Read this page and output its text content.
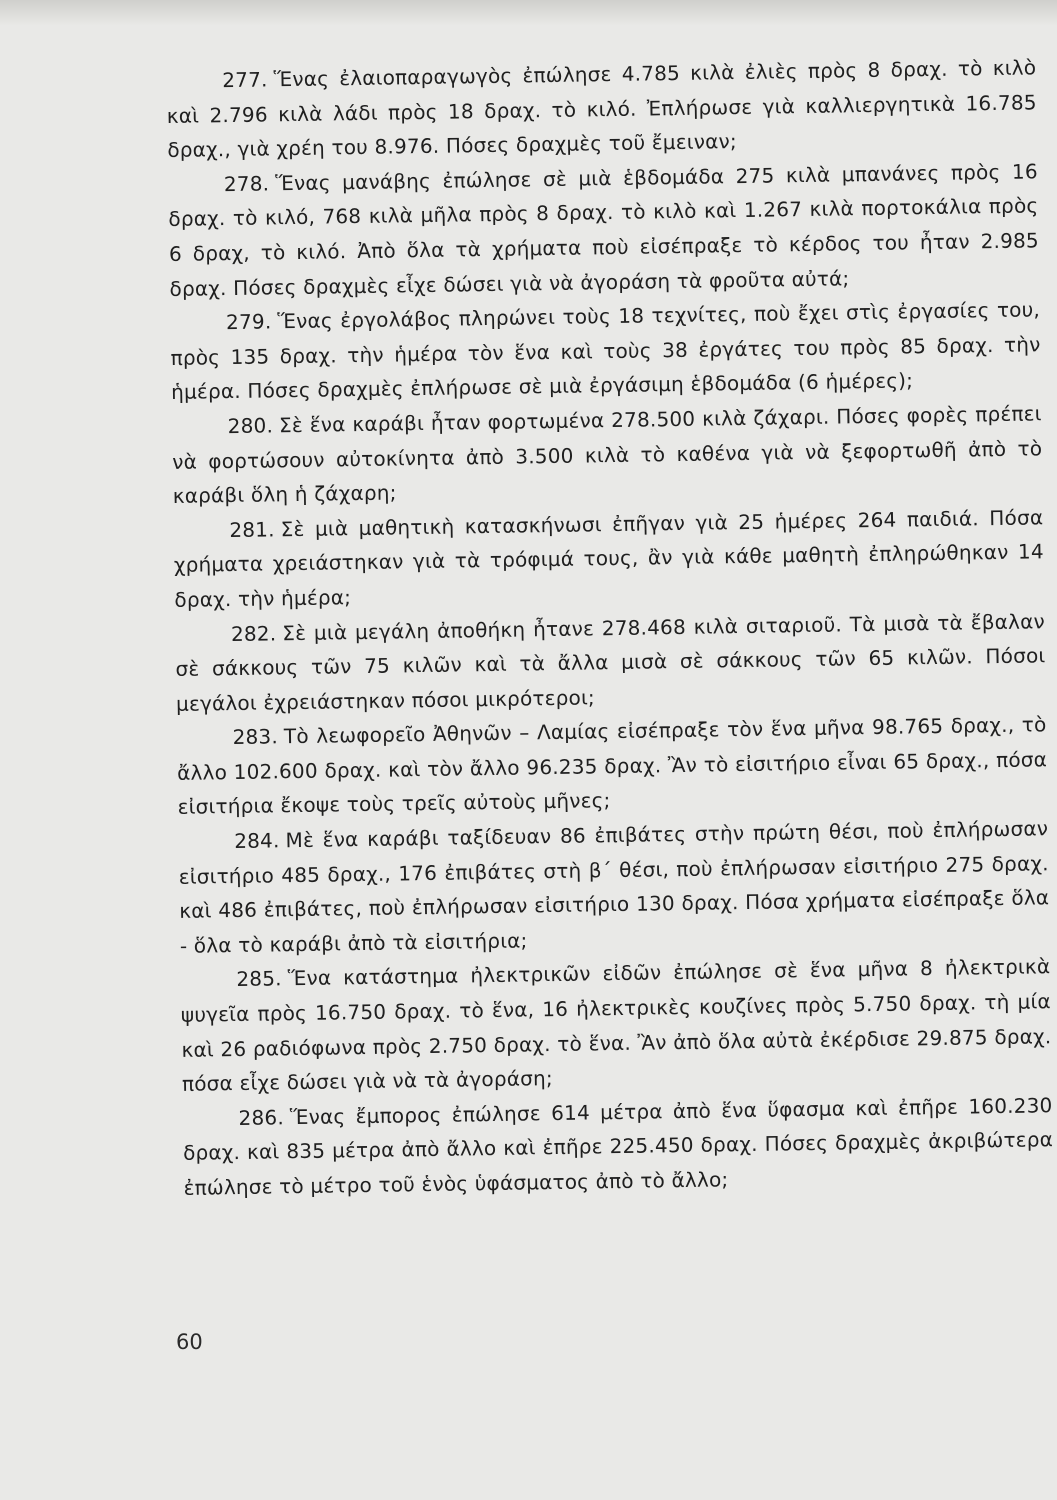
277. Ἕνας ἐλαιοπαραγωγὸς ἐπώλησε 4.785 κιλὰ ἐλιὲς πρὸς 8 δραχ. τὸ κιλὸ καὶ 2.796 κιλὰ λάδι πρὸς 18 δραχ. τὸ κιλό. Ἐπλήρωσε γιὰ καλλιεργητικὰ 16.785 δραχ., γιὰ χρέη του 8.976. Πόσες δραχμὲς τοῦ ἔμειναν;

278. Ἕνας μανάβης ἐπώλησε σὲ μιὰ ἑβδομάδα 275 κιλὰ μπανάνες πρὸς 16 δραχ. τὸ κιλό, 768 κιλὰ μῆλα πρὸς 8 δραχ. τὸ κιλὸ καὶ 1.267 κιλὰ πορτοκάλια πρὸς 6 δραχ, τὸ κιλό. Ἀπὸ ὅλα τὰ χρήματα ποὺ εἰσέπραξε τὸ κέρδος του ἦταν 2.985 δραχ. Πόσες δραχμὲς εἶχε δώσει γιὰ νὰ ἀγοράση τὰ φροῦτα αὐτά;

279. Ἕνας ἐργολάβος πληρώνει τοὺς 18 τεχνίτες, ποὺ ἔχει στὶς ἐργασίες του, πρὸς 135 δραχ. τὴν ἡμέρα τὸν ἕνα καὶ τοὺς 38 ἐργάτες του πρὸς 85 δραχ. τὴν ἡμέρα. Πόσες δραχμὲς ἐπλήρωσε σὲ μιὰ ἐργάσιμη ἑβδομάδα (6 ἡμέρες);

280. Σὲ ἕνα καράβι ἦταν φορτωμένα 278.500 κιλὰ ζάχαρι. Πόσες φορὲς πρέπει νὰ φορτώσουν αὐτοκίνητα ἀπὸ 3.500 κιλὰ τὸ καθένα γιὰ νὰ ξεφορτωθῆ ἀπὸ τὸ καράβι ὅλη ἡ ζάχαρη;

281. Σὲ μιὰ μαθητικὴ κατασκήνωσι ἐπῆγαν γιὰ 25 ἡμέρες 264 παιδιά. Πόσα χρήματα χρειάστηκαν γιὰ τὰ τρόφιμά τους, ἂν γιὰ κάθε μαθητὴ ἐπληρώθηκαν 14 δραχ. τὴν ἡμέρα;

282. Σὲ μιὰ μεγάλη ἀποθήκη ἦτανε 278.468 κιλὰ σιταριοῦ. Τὰ μισὰ τὰ ἔβαλαν σὲ σάκκους τῶν 75 κιλῶν καὶ τὰ ἄλλα μισὰ σὲ σάκκους τῶν 65 κιλῶν. Πόσοι μεγάλοι ἐχρειάστηκαν πόσοι μικρότεροι;

283. Τὸ λεωφορεῖο Ἀθηνῶν – Λαμίας εἰσέπραξε τὸν ἕνα μῆνα 98.765 δραχ., τὸ ἄλλο 102.600 δραχ. καὶ τὸν ἄλλο 96.235 δραχ. Ἂν τὸ εἰσιτήριο εἶναι 65 δραχ., πόσα εἰσιτήρια ἔκοψε τοὺς τρεῖς αὐτοὺς μῆνες;

284. Μὲ ἕνα καράβι ταξίδευαν 86 ἐπιβάτες στὴν πρώτη θέσι, ποὺ ἐπλήρωσαν εἰσιτήριο 485 δραχ., 176 ἐπιβάτες στὴ β΄ θέσι, ποὺ ἐπλήρωσαν εἰσιτήριο 275 δραχ. καὶ 486 ἐπιβάτες, ποὺ ἐπλήρωσαν εἰσιτήριο 130 δραχ. Πόσα χρήματα εἰσέπραξε ὅλα - ὅλα τὸ καράβι ἀπὸ τὰ εἰσιτήρια;

285. Ἕνα κατάστημα ἠλεκτρικῶν εἰδῶν ἐπώλησε σὲ ἕνα μῆνα 8 ἠλεκτρικὰ ψυγεῖα πρὸς 16.750 δραχ. τὸ ἕνα, 16 ἠλεκτρικὲς κουζίνες πρὸς 5.750 δραχ. τὴ μία καὶ 26 ραδιόφωνα πρὸς 2.750 δραχ. τὸ ἕνα. Ἂν ἀπὸ ὅλα αὐτὰ ἐκέρδισε 29.875 δραχ. πόσα εἶχε δώσει γιὰ νὰ τὰ ἀγοράση;

286. Ἕνας ἔμπορος ἐπώλησε 614 μέτρα ἀπὸ ἕνα ὕφασμα καὶ ἐπῆρε 160.230 δραχ. καὶ 835 μέτρα ἀπὸ ἄλλο καὶ ἐπῆρε 225.450 δραχ. Πόσες δραχμὲς ἀκριβώτερα ἐπώλησε τὸ μέτρο τοῦ ἑνὸς ὑφάσματος ἀπὸ τὸ ἄλλο;

60
